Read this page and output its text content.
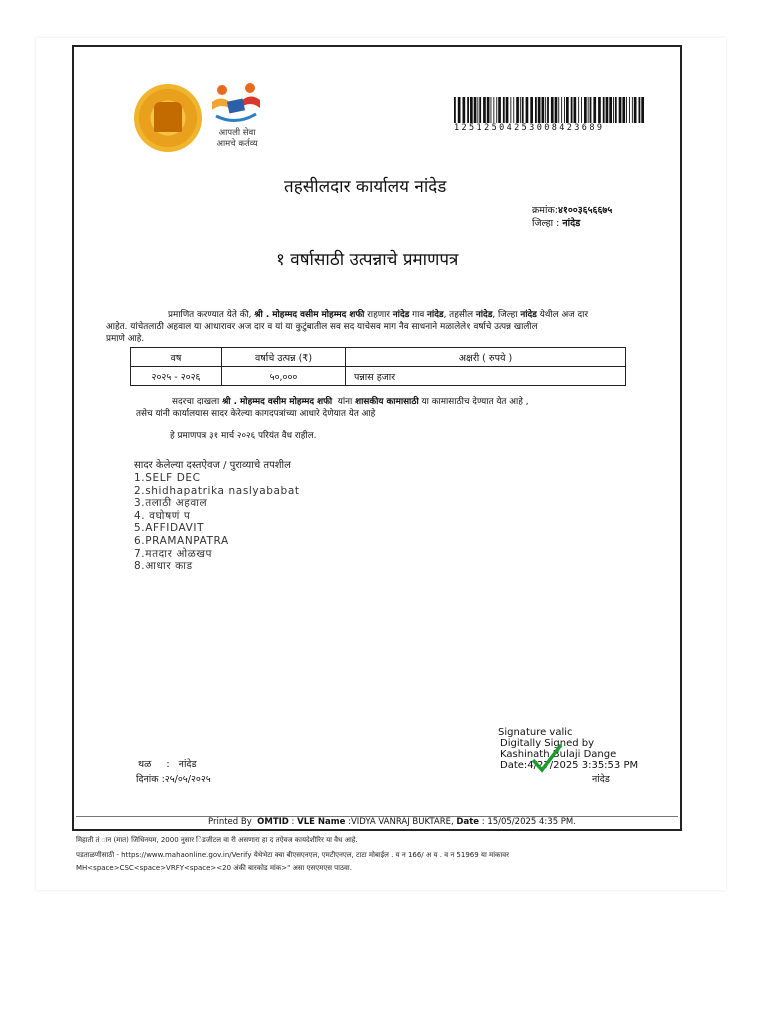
आपली सेवा
आमचे कर्तव्य
12512504253008423689
तहसीलदार कार्यालय नांदेड
क्रमांक:४१००३६५६६७५
जिल्हा : नांदेड
१ वर्षासाठी उत्पन्नाचे प्रमाणपत्र
प्रमाणित करण्यात येते की, श्री . मोहम्मद वसीम मोहम्मद शफी राहणार नांदेड गाव नांदेड, तहसील नांदेड, जिल्हा नांदेड येथील अज दार
आहेत. यांचेतलाठी अहवाल या आधारावर अज दार व यां या कुटुंबातील सव सद याचेसव माग नैव साधनाने मळालेले१ वर्षाचे उत्पन्न खालील
प्रमाणे आहे.
वष	वर्षाचे उत्पन्न (₹)	अक्षरी ( रुपये )
२०२५ - २०२६	५०,०००	पन्नास हजार
सदरचा दाखला श्री . मोहम्मद वसीम मोहम्मद शफी यांना शासकीय कामासाठी या कामासाठीच देण्यात येत आहे ,
तसेच यांनी कार्यालयास सादर केरेल्या कागदपत्रांच्या आधारे देणेयात येत आहे
हे प्रमाणपत्र ३१ मार्च २०२६ परियंत वैध राहील.
सादर केलेल्या दस्तऐवज / पुराव्याचे तपशील
1.SELF DEC
2.shidhapatrika naslyababat
3.तलाठी अहवाल
4. वघोषणं प
5.AFFIDAVIT
6.PRAMANPATRA
7.मतदार ओळखप
8.आधार काड
थळ : नांदेड
दिनांक :२५/०५/२०२५
Signature valic
Digitally Signed by
Kashinath Bulaji Dange
Date:4/27/2025 3:35:53 PM
नांदेड
Printed By OMTID : VLE Name :VIDYA VANRAJ BUKTARE, Date : 15/05/2025 4:35 PM.
मिहाती तं ान (मात) जिधिनयम, 2000 नुसार िडजीटल वा री असणारा हा द तऐवज कायदेशीरिर या वैध आहे.
पडताळणीसाठी - https://www.mahaonline.gov.in/Verify येथेभेटा क्वा बीएसएनएल, एमटीएनएल, टाटा मोबाईल . य न 166/ अ य . व न 51969 या मांकावर
MH<space>CSC<space>VRFY<space><20 अंकी बारकोड मांक>" असा एसएमएस पाठवा.
